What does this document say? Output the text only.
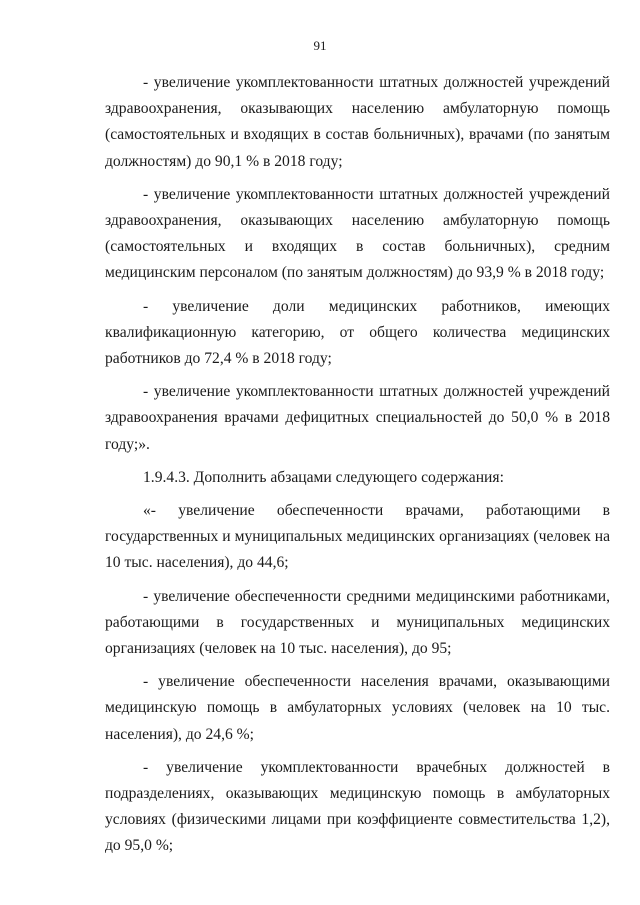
91

- увеличение укомплектованности штатных должностей учреждений здравоохранения, оказывающих населению амбулаторную помощь (самостоятельных и входящих в состав больничных), врачами (по занятым должностям) до 90,1 % в 2018 году;

- увеличение укомплектованности штатных должностей учреждений здравоохранения, оказывающих населению амбулаторную помощь (самостоятельных и входящих в состав больничных), средним медицинским персоналом (по занятым должностям) до 93,9 % в 2018 году;

- увеличение доли медицинских работников, имеющих квалификационную категорию, от общего количества медицинских работников до 72,4 % в 2018 году;

- увеличение укомплектованности штатных должностей учреждений здравоохранения врачами дефицитных специальностей до 50,0 % в 2018 году;».

1.9.4.3. Дополнить абзацами следующего содержания:

«- увеличение обеспеченности врачами, работающими в государственных и муниципальных медицинских организациях (человек на 10 тыс. населения), до 44,6;

- увеличение обеспеченности средними медицинскими работниками, работающими в государственных и муниципальных медицинских организациях (человек на 10 тыс. населения), до 95;

- увеличение обеспеченности населения врачами, оказывающими медицинскую помощь в амбулаторных условиях (человек на 10 тыс. населения), до 24,6 %;

- увеличение укомплектованности врачебных должностей в подразделениях, оказывающих медицинскую помощь в амбулаторных условиях (физическими лицами при коэффициенте совместительства 1,2), до 95,0 %;
